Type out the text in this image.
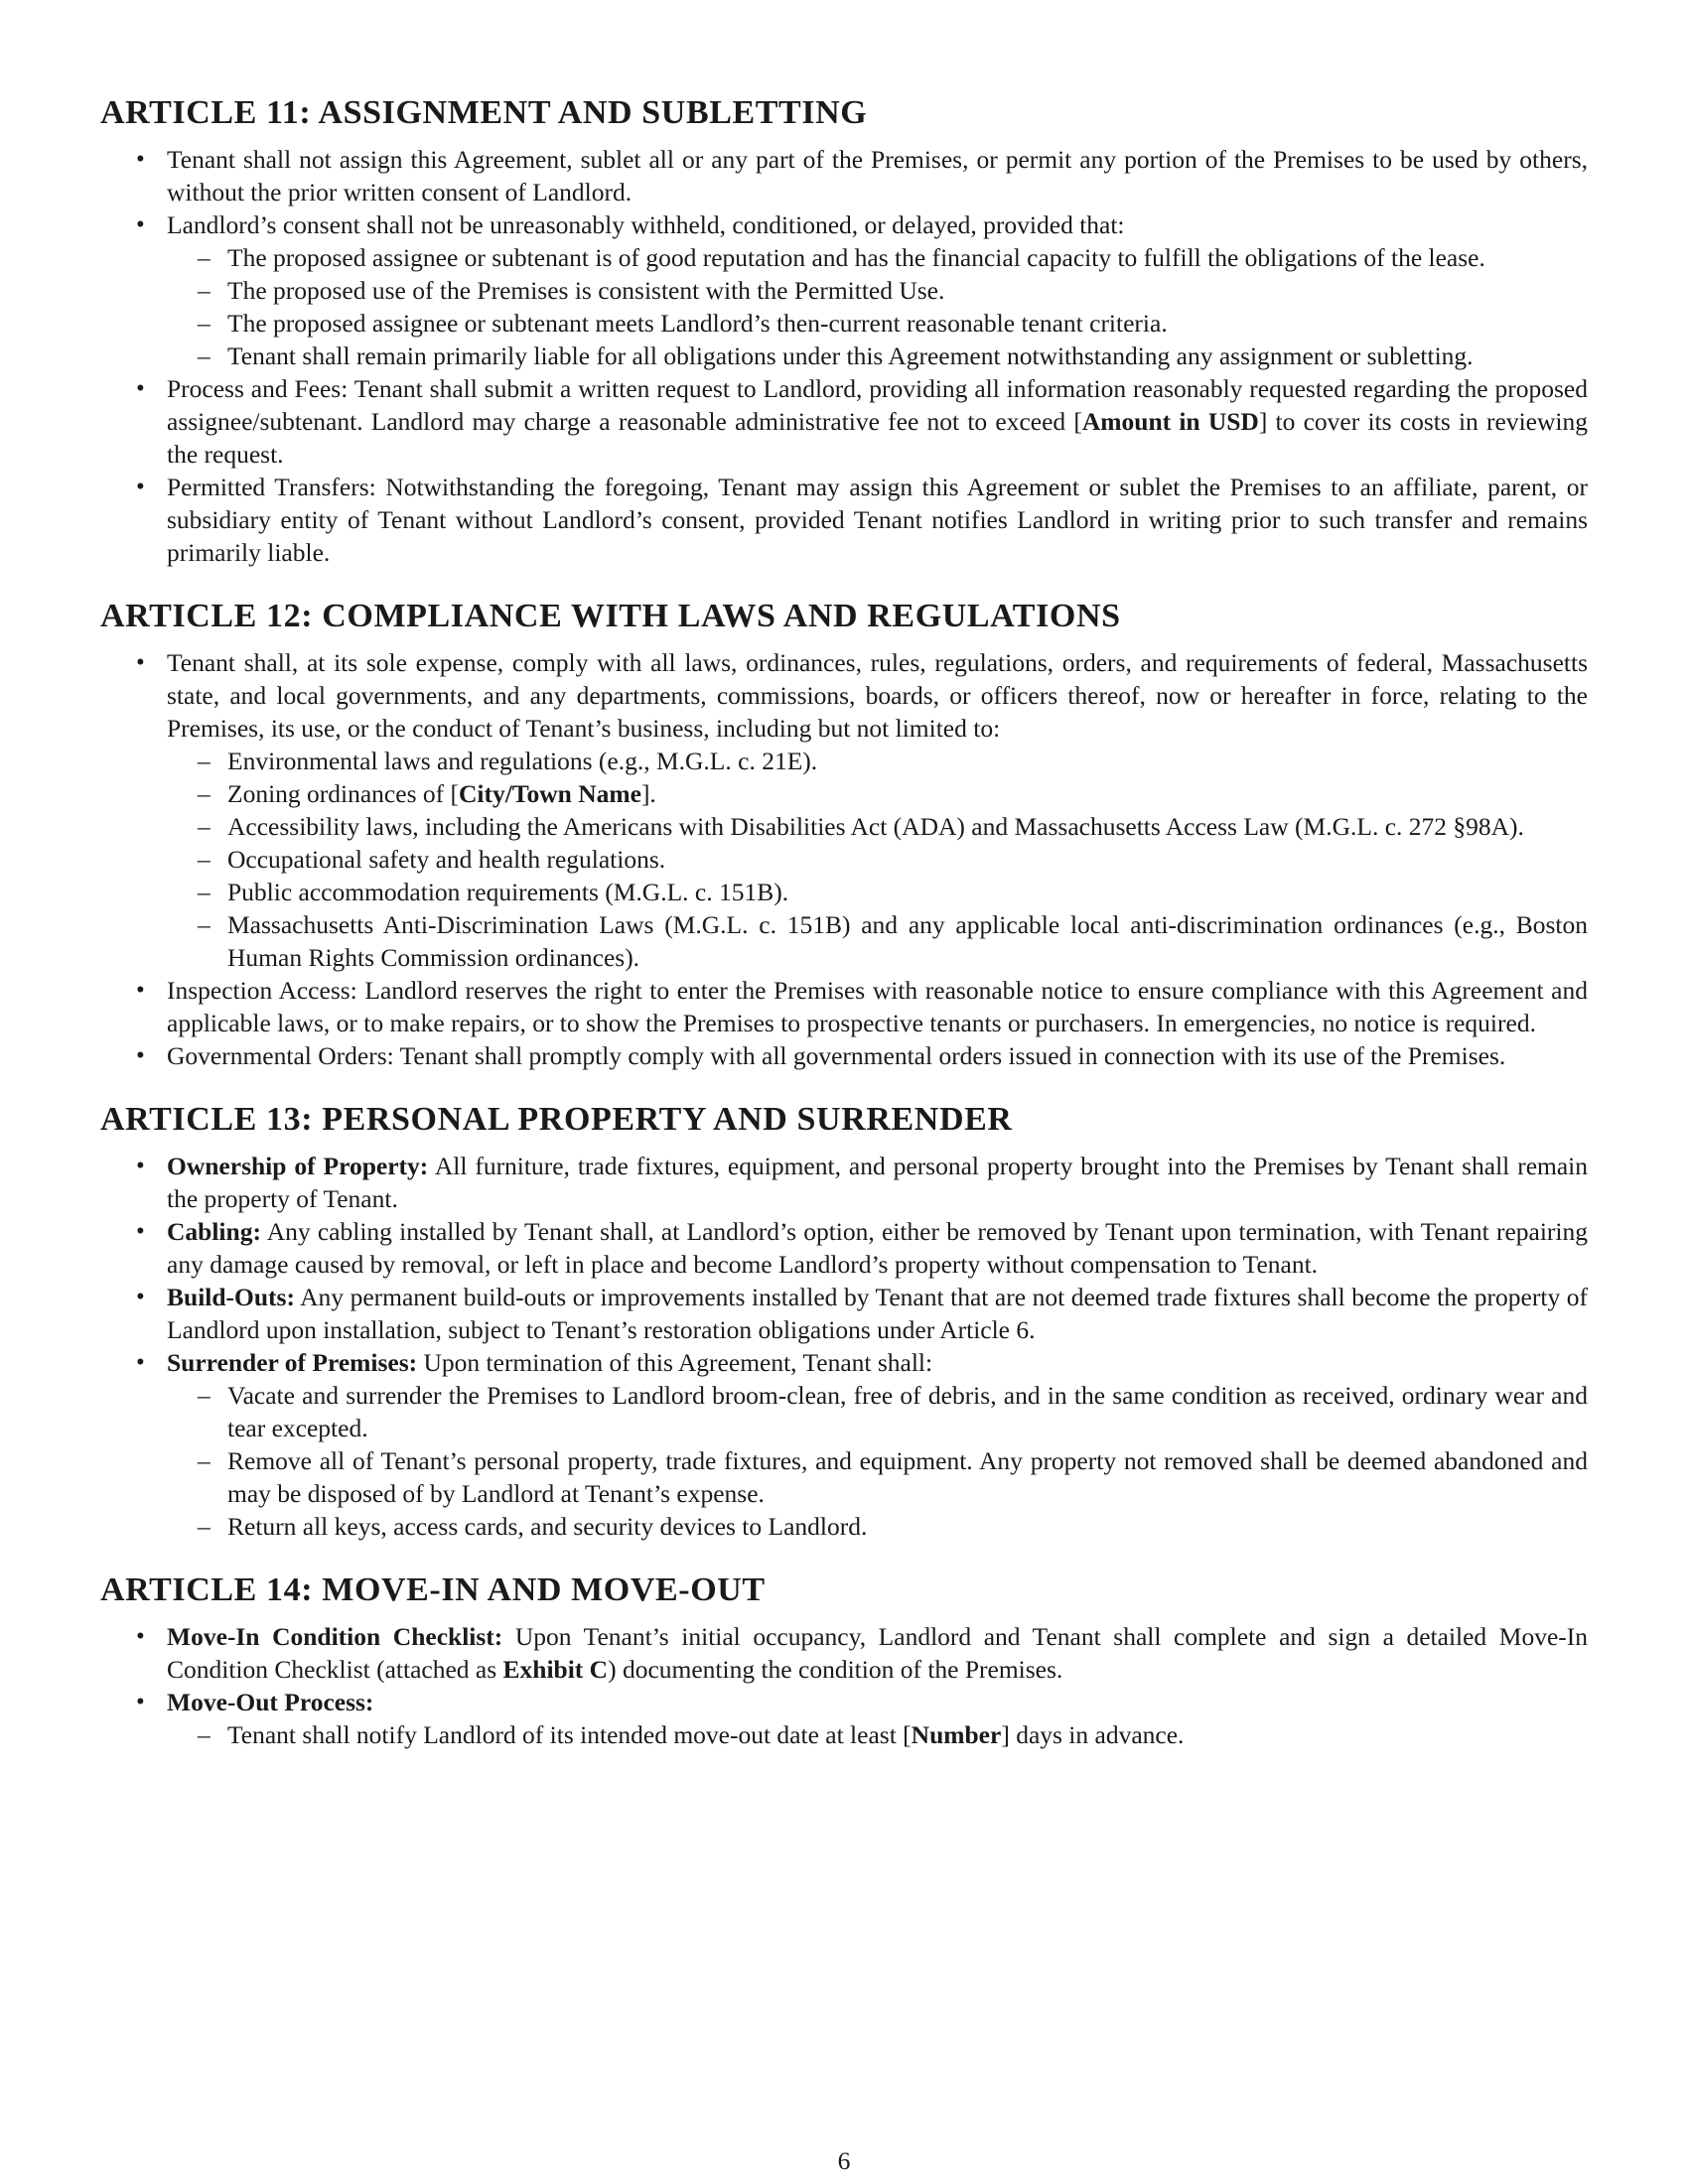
ARTICLE 11: ASSIGNMENT AND SUBLETTING
• Tenant shall not assign this Agreement, sublet all or any part of the Premises, or permit any portion of the Premises to be used by others, without the prior written consent of Landlord.
• Landlord’s consent shall not be unreasonably withheld, conditioned, or delayed, provided that:
– The proposed assignee or subtenant is of good reputation and has the financial capacity to fulfill the obligations of the lease.
– The proposed use of the Premises is consistent with the Permitted Use.
– The proposed assignee or subtenant meets Landlord’s then-current reasonable tenant criteria.
– Tenant shall remain primarily liable for all obligations under this Agreement notwithstanding any assignment or subletting.
• Process and Fees: Tenant shall submit a written request to Landlord, providing all information reasonably requested regarding the proposed assignee/subtenant. Landlord may charge a reasonable administrative fee not to exceed [Amount in USD] to cover its costs in reviewing the request.
• Permitted Transfers: Notwithstanding the foregoing, Tenant may assign this Agreement or sublet the Premises to an affiliate, parent, or subsidiary entity of Tenant without Landlord’s consent, provided Tenant notifies Landlord in writing prior to such transfer and remains primarily liable.
ARTICLE 12: COMPLIANCE WITH LAWS AND REGULATIONS
• Tenant shall, at its sole expense, comply with all laws, ordinances, rules, regulations, orders, and requirements of federal, Massachusetts state, and local governments, and any departments, commissions, boards, or officers thereof, now or hereafter in force, relating to the Premises, its use, or the conduct of Tenant’s business, including but not limited to:
– Environmental laws and regulations (e.g., M.G.L. c. 21E).
– Zoning ordinances of [City/Town Name].
– Accessibility laws, including the Americans with Disabilities Act (ADA) and Massachusetts Access Law (M.G.L. c. 272 §98A).
– Occupational safety and health regulations.
– Public accommodation requirements (M.G.L. c. 151B).
– Massachusetts Anti-Discrimination Laws (M.G.L. c. 151B) and any applicable local anti-discrimination ordinances (e.g., Boston Human Rights Commission ordinances).
• Inspection Access: Landlord reserves the right to enter the Premises with reasonable notice to ensure compliance with this Agreement and applicable laws, or to make repairs, or to show the Premises to prospective tenants or purchasers. In emergencies, no notice is required.
• Governmental Orders: Tenant shall promptly comply with all governmental orders issued in connection with its use of the Premises.
ARTICLE 13: PERSONAL PROPERTY AND SURRENDER
• Ownership of Property: All furniture, trade fixtures, equipment, and personal property brought into the Premises by Tenant shall remain the property of Tenant.
• Cabling: Any cabling installed by Tenant shall, at Landlord’s option, either be removed by Tenant upon termination, with Tenant repairing any damage caused by removal, or left in place and become Landlord’s property without compensation to Tenant.
• Build-Outs: Any permanent build-outs or improvements installed by Tenant that are not deemed trade fixtures shall become the property of Landlord upon installation, subject to Tenant’s restoration obligations under Article 6.
• Surrender of Premises: Upon termination of this Agreement, Tenant shall:
– Vacate and surrender the Premises to Landlord broom-clean, free of debris, and in the same condition as received, ordinary wear and tear excepted.
– Remove all of Tenant’s personal property, trade fixtures, and equipment. Any property not removed shall be deemed abandoned and may be disposed of by Landlord at Tenant’s expense.
– Return all keys, access cards, and security devices to Landlord.
ARTICLE 14: MOVE-IN AND MOVE-OUT
• Move-In Condition Checklist: Upon Tenant’s initial occupancy, Landlord and Tenant shall complete and sign a detailed Move-In Condition Checklist (attached as Exhibit C) documenting the condition of the Premises.
• Move-Out Process:
– Tenant shall notify Landlord of its intended move-out date at least [Number] days in advance.
6
